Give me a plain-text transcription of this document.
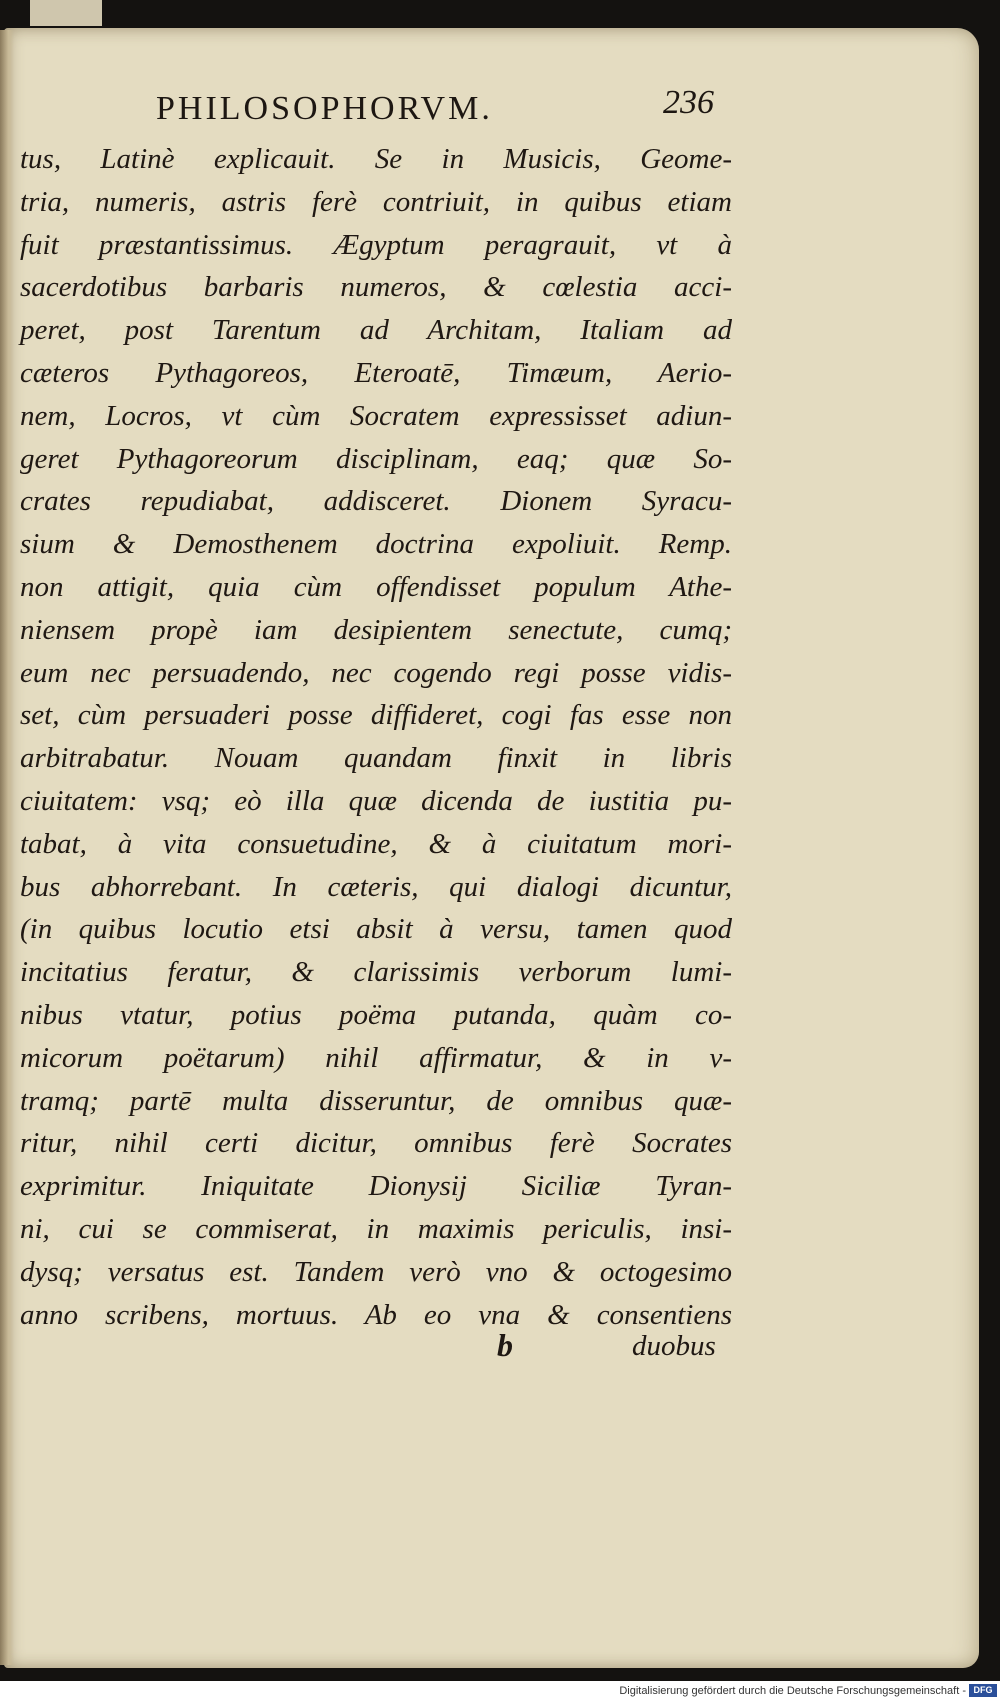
PHILOSOPHORVM.	236
tus, Latinè explicauit. Se in Musicis, Geome-
tria, numeris, astris ferè contriuit, in quibus etiam
fuit præstantissimus. Ægyptum peragrauit, vt à
sacerdotibus barbaris numeros, & cœlestia acci-
peret, post Tarentum ad Architam, Italiam ad
cæteros Pythagoreos, Eteroatē, Timæum, Aerio-
nem, Locros, vt cùm Socratem expressisset adiun-
geret Pythagoreorum disciplinam, eaq; quæ So-
crates repudiabat, addisceret. Dionem Syracu-
sium & Demosthenem doctrina expoliuit. Remp.
non attigit, quia cùm offendisset populum Athe-
niensem propè iam desipientem senectute, cumq;
eum nec persuadendo, nec cogendo regi posse vidis-
set, cùm persuaderi posse diffideret, cogi fas esse non
arbitrabatur. Nouam quandam finxit in libris
ciuitatem: vsq; eò illa quæ dicenda de iustitia pu-
tabat, à vita consuetudine, & à ciuitatum mori-
bus abhorrebant. In cæteris, qui dialogi dicuntur,
(in quibus locutio etsi absit à versu, tamen quod
incitatius feratur, & clarissimis verborum lumi-
nibus vtatur, potius poëma putanda, quàm co-
micorum poëtarum) nihil affirmatur, & in v-
tramq; partē multa disseruntur, de omnibus quæ-
ritur, nihil certi dicitur, omnibus ferè Socrates
exprimitur. Iniquitate Dionysij Siciliæ Tyran-
ni, cui se commiserat, in maximis periculis, insi-
dysq; versatus est. Tandem verò vno & octogesimo
anno scribens, mortuus. Ab eo vna & consentiens
b	duobus
Digitalisierung gefördert durch die Deutsche Forschungsgemeinschaft - DFG
